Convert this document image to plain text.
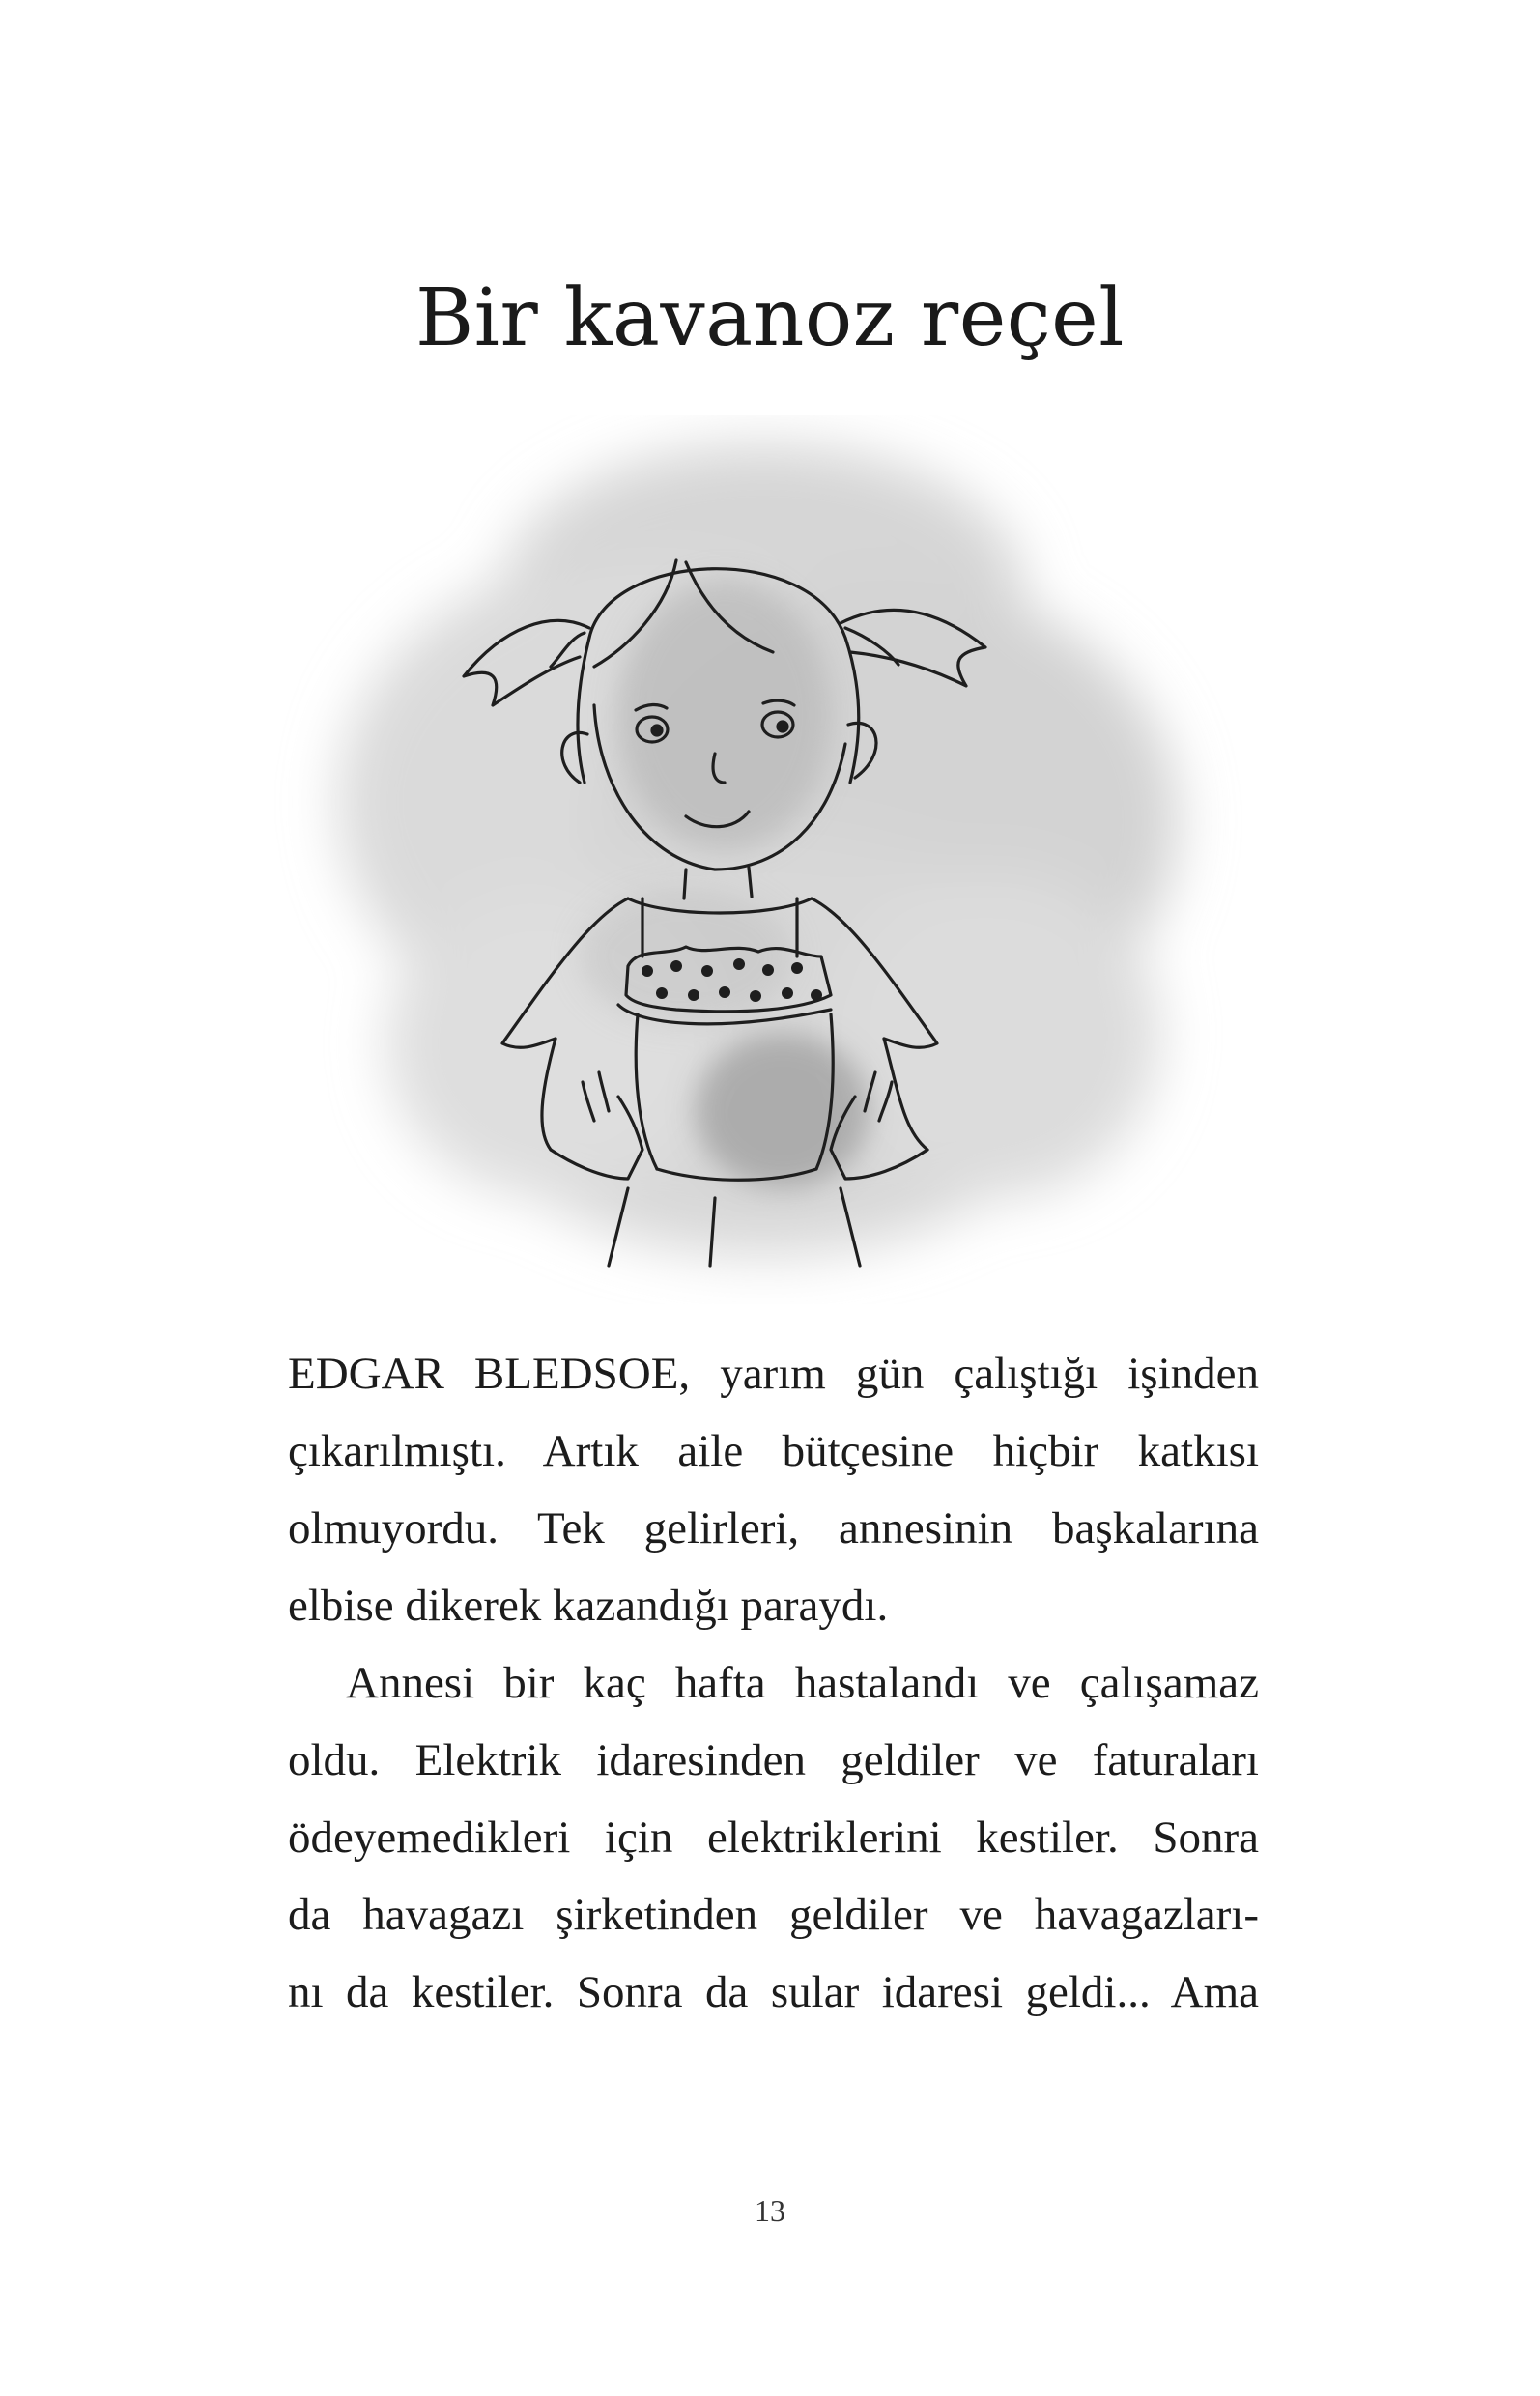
Bir kavanoz reçel

EDGAR BLEDSOE, yarım gün çalıştığı işinden
çıkarılmıştı. Artık aile bütçesine hiçbir katkısı
olmuyordu. Tek gelirleri, annesinin başkalarına
elbise dikerek kazandığı paraydı.

Annesi bir kaç hafta hastalandı ve çalışamaz
oldu. Elektrik idaresinden geldiler ve faturaları
ödeyemedikleri için elektriklerini kestiler. Sonra
da havagazı şirketinden geldiler ve havagazları-
nı da kestiler. Sonra da sular idaresi geldi... Ama

13
